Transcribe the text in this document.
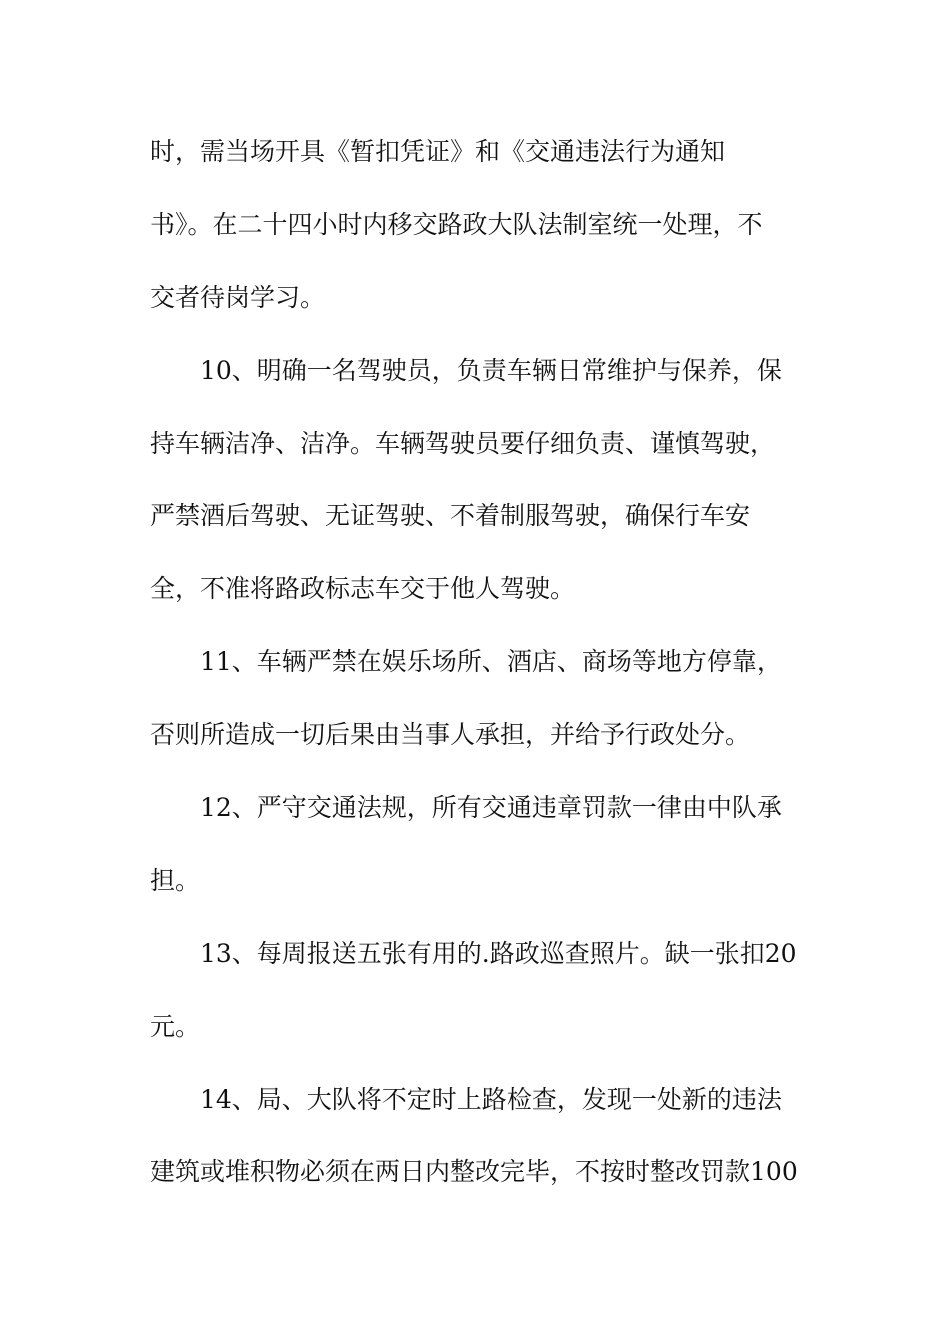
时，需当场开具《暂扣凭证》和《交通违法行为通知
书》。在二十四小时内移交路政大队法制室统一处理，不
交者待岗学习。
10、明确一名驾驶员，负责车辆日常维护与保养，保
持车辆洁净、洁净。车辆驾驶员要仔细负责、谨慎驾驶，
严禁酒后驾驶、无证驾驶、不着制服驾驶，确保行车安
全，不准将路政标志车交于他人驾驶。
11、车辆严禁在娱乐场所、酒店、商场等地方停靠，
否则所造成一切后果由当事人承担，并给予行政处分。
12、严守交通法规，所有交通违章罚款一律由中队承
担。
13、每周报送五张有用的.路政巡查照片。缺一张扣20
元。
14、局、大队将不定时上路检查，发现一处新的违法
建筑或堆积物必须在两日内整改完毕，不按时整改罚款100
